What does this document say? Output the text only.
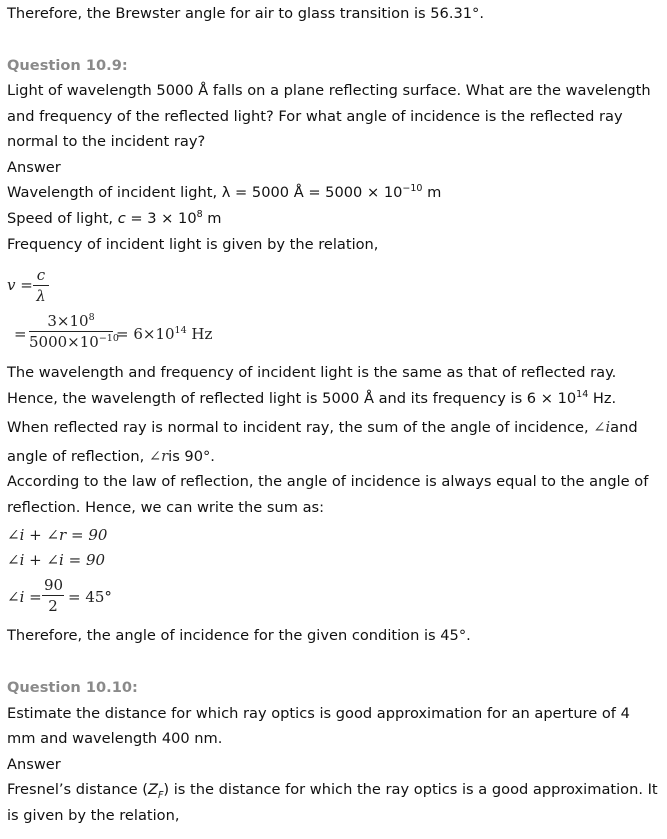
Therefore, the Brewster angle for air to glass transition is 56.31°.

Question 10.9:

Light of wavelength 5000 Å falls on a plane reflecting surface. What are the wavelength

and frequency of the reflected light? For what angle of incidence is the reflected ray

normal to the incident ray?

Answer

Wavelength of incident light, λ = 5000 Å = $5000 \times 10^{-10}$ m

Speed of light, $c = 3 \times 10^8$ m

Frequency of incident light is given by the relation,

$v = \frac{c}{\lambda}$
= $\frac{3\times 10^8}{5000\times 10^{-10}} = 6\times 10^{14}$ Hz

The wavelength and frequency of incident light is the same as that of reflected ray.

Hence, the wavelength of reflected light is 5000 Å and its frequency is $6 \times 10^{14}$ Hz.

When reflected ray is normal to incident ray, the sum of the angle of incidence, ∠iand

angle of reflection, ∠ris 90°.

According to the law of reflection, the angle of incidence is always equal to the angle of

reflection. Hence, we can write the sum as:

∠i + ∠r = 90
∠i + ∠i = 90
∠i = $\frac{90}{2} = 45^\circ$

Therefore, the angle of incidence for the given condition is 45°.

Question 10.10:

Estimate the distance for which ray optics is good approximation for an aperture of 4

mm and wavelength 400 nm.

Answer

Fresnel’s distance $(Z_F)$ is the distance for which the ray optics is a good approximation. It

is given by the relation,
